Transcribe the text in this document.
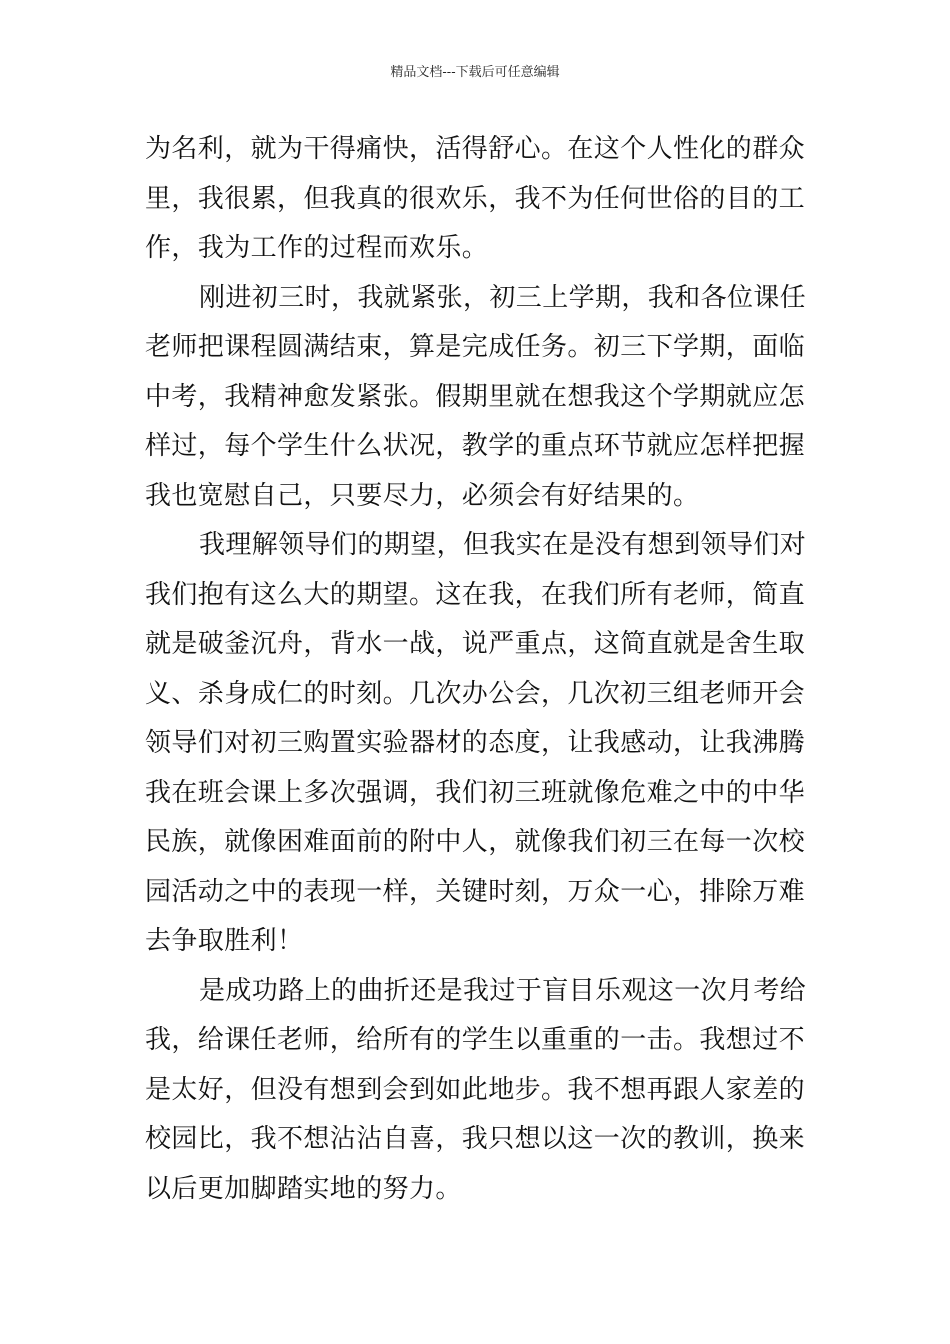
精品文档---下载后可任意编辑
为名利，就为干得痛快，活得舒心。在这个人性化的群众
里，我很累，但我真的很欢乐，我不为任何世俗的目的工
作，我为工作的过程而欢乐。
刚进初三时，我就紧张，初三上学期，我和各位课任
老师把课程圆满结束，算是完成任务。初三下学期，面临
中考，我精神愈发紧张。假期里就在想我这个学期就应怎
样过，每个学生什么状况，教学的重点环节就应怎样把握
我也宽慰自己，只要尽力，必须会有好结果的。
我理解领导们的期望，但我实在是没有想到领导们对
我们抱有这么大的期望。这在我，在我们所有老师，简直
就是破釜沉舟，背水一战，说严重点，这简直就是舍生取
义、杀身成仁的时刻。几次办公会，几次初三组老师开会
领导们对初三购置实验器材的态度，让我感动，让我沸腾
我在班会课上多次强调，我们初三班就像危难之中的中华
民族，就像困难面前的附中人，就像我们初三在每一次校
园活动之中的表现一样，关键时刻，万众一心，排除万难
去争取胜利！
是成功路上的曲折还是我过于盲目乐观这一次月考给
我，给课任老师，给所有的学生以重重的一击。我想过不
是太好，但没有想到会到如此地步。我不想再跟人家差的
校园比，我不想沾沾自喜，我只想以这一次的教训，换来
以后更加脚踏实地的努力。
